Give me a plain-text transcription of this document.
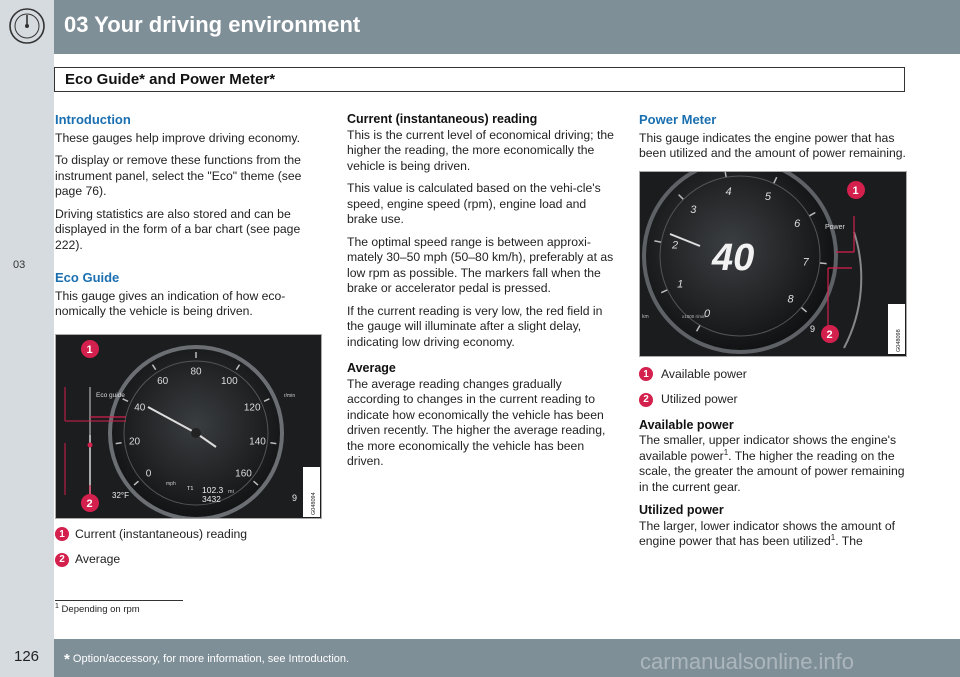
03 Your driving environment
Eco Guide* and Power Meter*
03
Introduction

These gauges help improve driving economy.

To display or remove these functions from the instrument panel, select the "Eco" theme (see page 76).

Driving statistics are also stored and can be displayed in the form of a bar chart (see page 222).

Eco Guide

This gauge gives an indication of how eco-nomically the vehicle is being driven.

0
20
40
60
80
100
120
140
160
Eco guide
mph
r/min
32°F
T1 102.3 mi
3432	9	G048094
1
2
1 Current (instantaneous) reading
2 Average
Current (instantaneous) reading

This is the current level of economical driving; the higher the reading, the more economically the vehicle is being driven.

This value is calculated based on the vehi-cle's speed, engine speed (rpm), engine load and brake use.

The optimal speed range is between approxi-mately 30–50 mph (50–80 km/h), preferably at as low rpm as possible. The markers fall when the brake or accelerator pedal is pressed.

If the current reading is very low, the red field in the gauge will illuminate after a slight delay, indicating low driving economy.

Average

The average reading changes gradually according to changes in the current reading to indicate how economically the vehicle has been driven recently. The higher the average reading, the more economically the vehicle has been driven.

Power Meter

This gauge indicates the engine power that has been utilized and the amount of power remaining.

0
1
2
3
4	5
6
7
8
40
Power
km	x1000 r/min
9
G048098
1
2
1	Available power
2	Utilized power
Available power

The smaller, upper indicator shows the engine's available power$^1$. The higher the reading on the scale, the greater the amount of power remaining in the current gear.

Utilized power

The larger, lower indicator shows the amount of engine power that has been utilized$^1$. The

$^1$ Depending on rpm
126 * Option/accessory, for more information, see Introduction.	carmanualsonline.info
